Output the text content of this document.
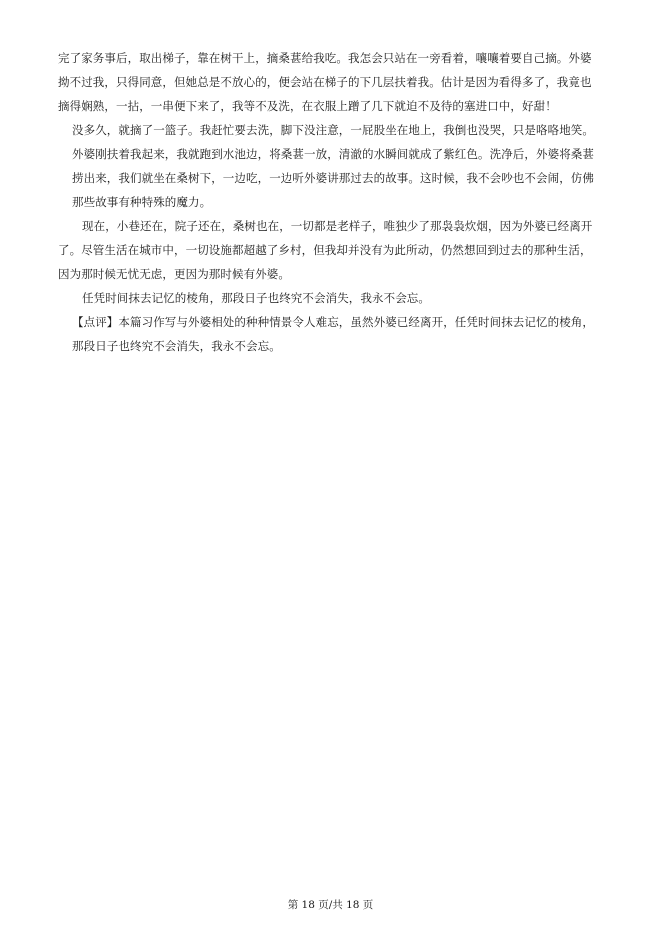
完了家务事后，取出梯子，靠在树干上，摘桑葚给我吃。我怎会只站在一旁看着，嚷嚷着要自己摘。外婆
拗不过我，只得同意，但她总是不放心的，便会站在梯子的下几层扶着我。估计是因为看得多了，我竟也
摘得娴熟，一拈，一串便下来了，我等不及洗，在衣服上蹭了几下就迫不及待的塞进口中，好甜！
没多久，就摘了一篮子。我赶忙要去洗，脚下没注意，一屁股坐在地上，我倒也没哭，只是咯咯地笑。
外婆刚扶着我起来，我就跑到水池边，将桑葚一放，清澈的水瞬间就成了紫红色。洗净后，外婆将桑葚
捞出来，我们就坐在桑树下，一边吃，一边听外婆讲那过去的故事。这时候，我不会吵也不会闹，仿佛
那些故事有种特殊的魔力。
现在，小巷还在，院子还在，桑树也在，一切都是老样子，唯独少了那袅袅炊烟，因为外婆已经离开
了。尽管生活在城市中，一切设施都超越了乡村，但我却并没有为此所动，仍然想回到过去的那种生活，
因为那时候无忧无虑，更因为那时候有外婆。
任凭时间抹去记忆的棱角，那段日子也终究不会消失，我永不会忘。
【点评】本篇习作写与外婆相处的种种情景令人难忘，虽然外婆已经离开，任凭时间抹去记忆的棱角，
那段日子也终究不会消失，我永不会忘。
第 18 页/共 18 页
